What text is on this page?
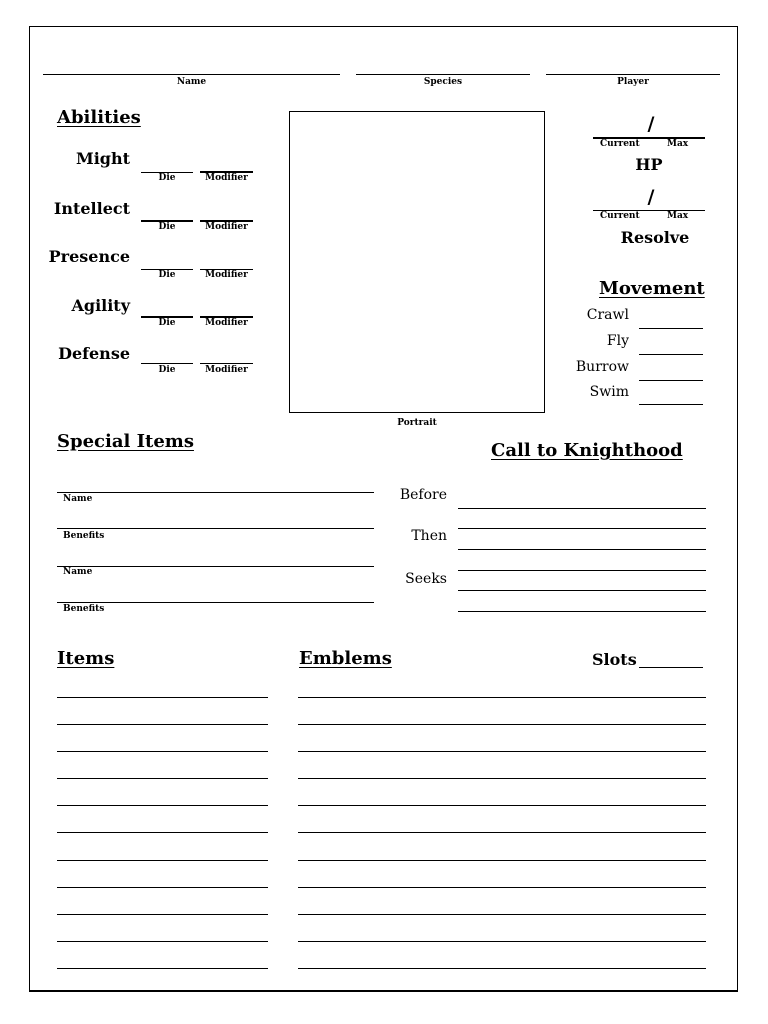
Name	Species	Player
Abilities
Might
Die	Modifier
Intellect
Die	Modifier
Presence
Die	Modifier
Agility
Die	Modifier
Defense
Die	Modifier
Portrait
/
Current	Max
HP
/
Current	Max
Resolve
Movement
Crawl
Fly
Burrow
Swim
Special Items
Name
Benefits
Name
Benefits
Call to Knighthood
Before
Then
Seeks
Items	Emblems	Slots
